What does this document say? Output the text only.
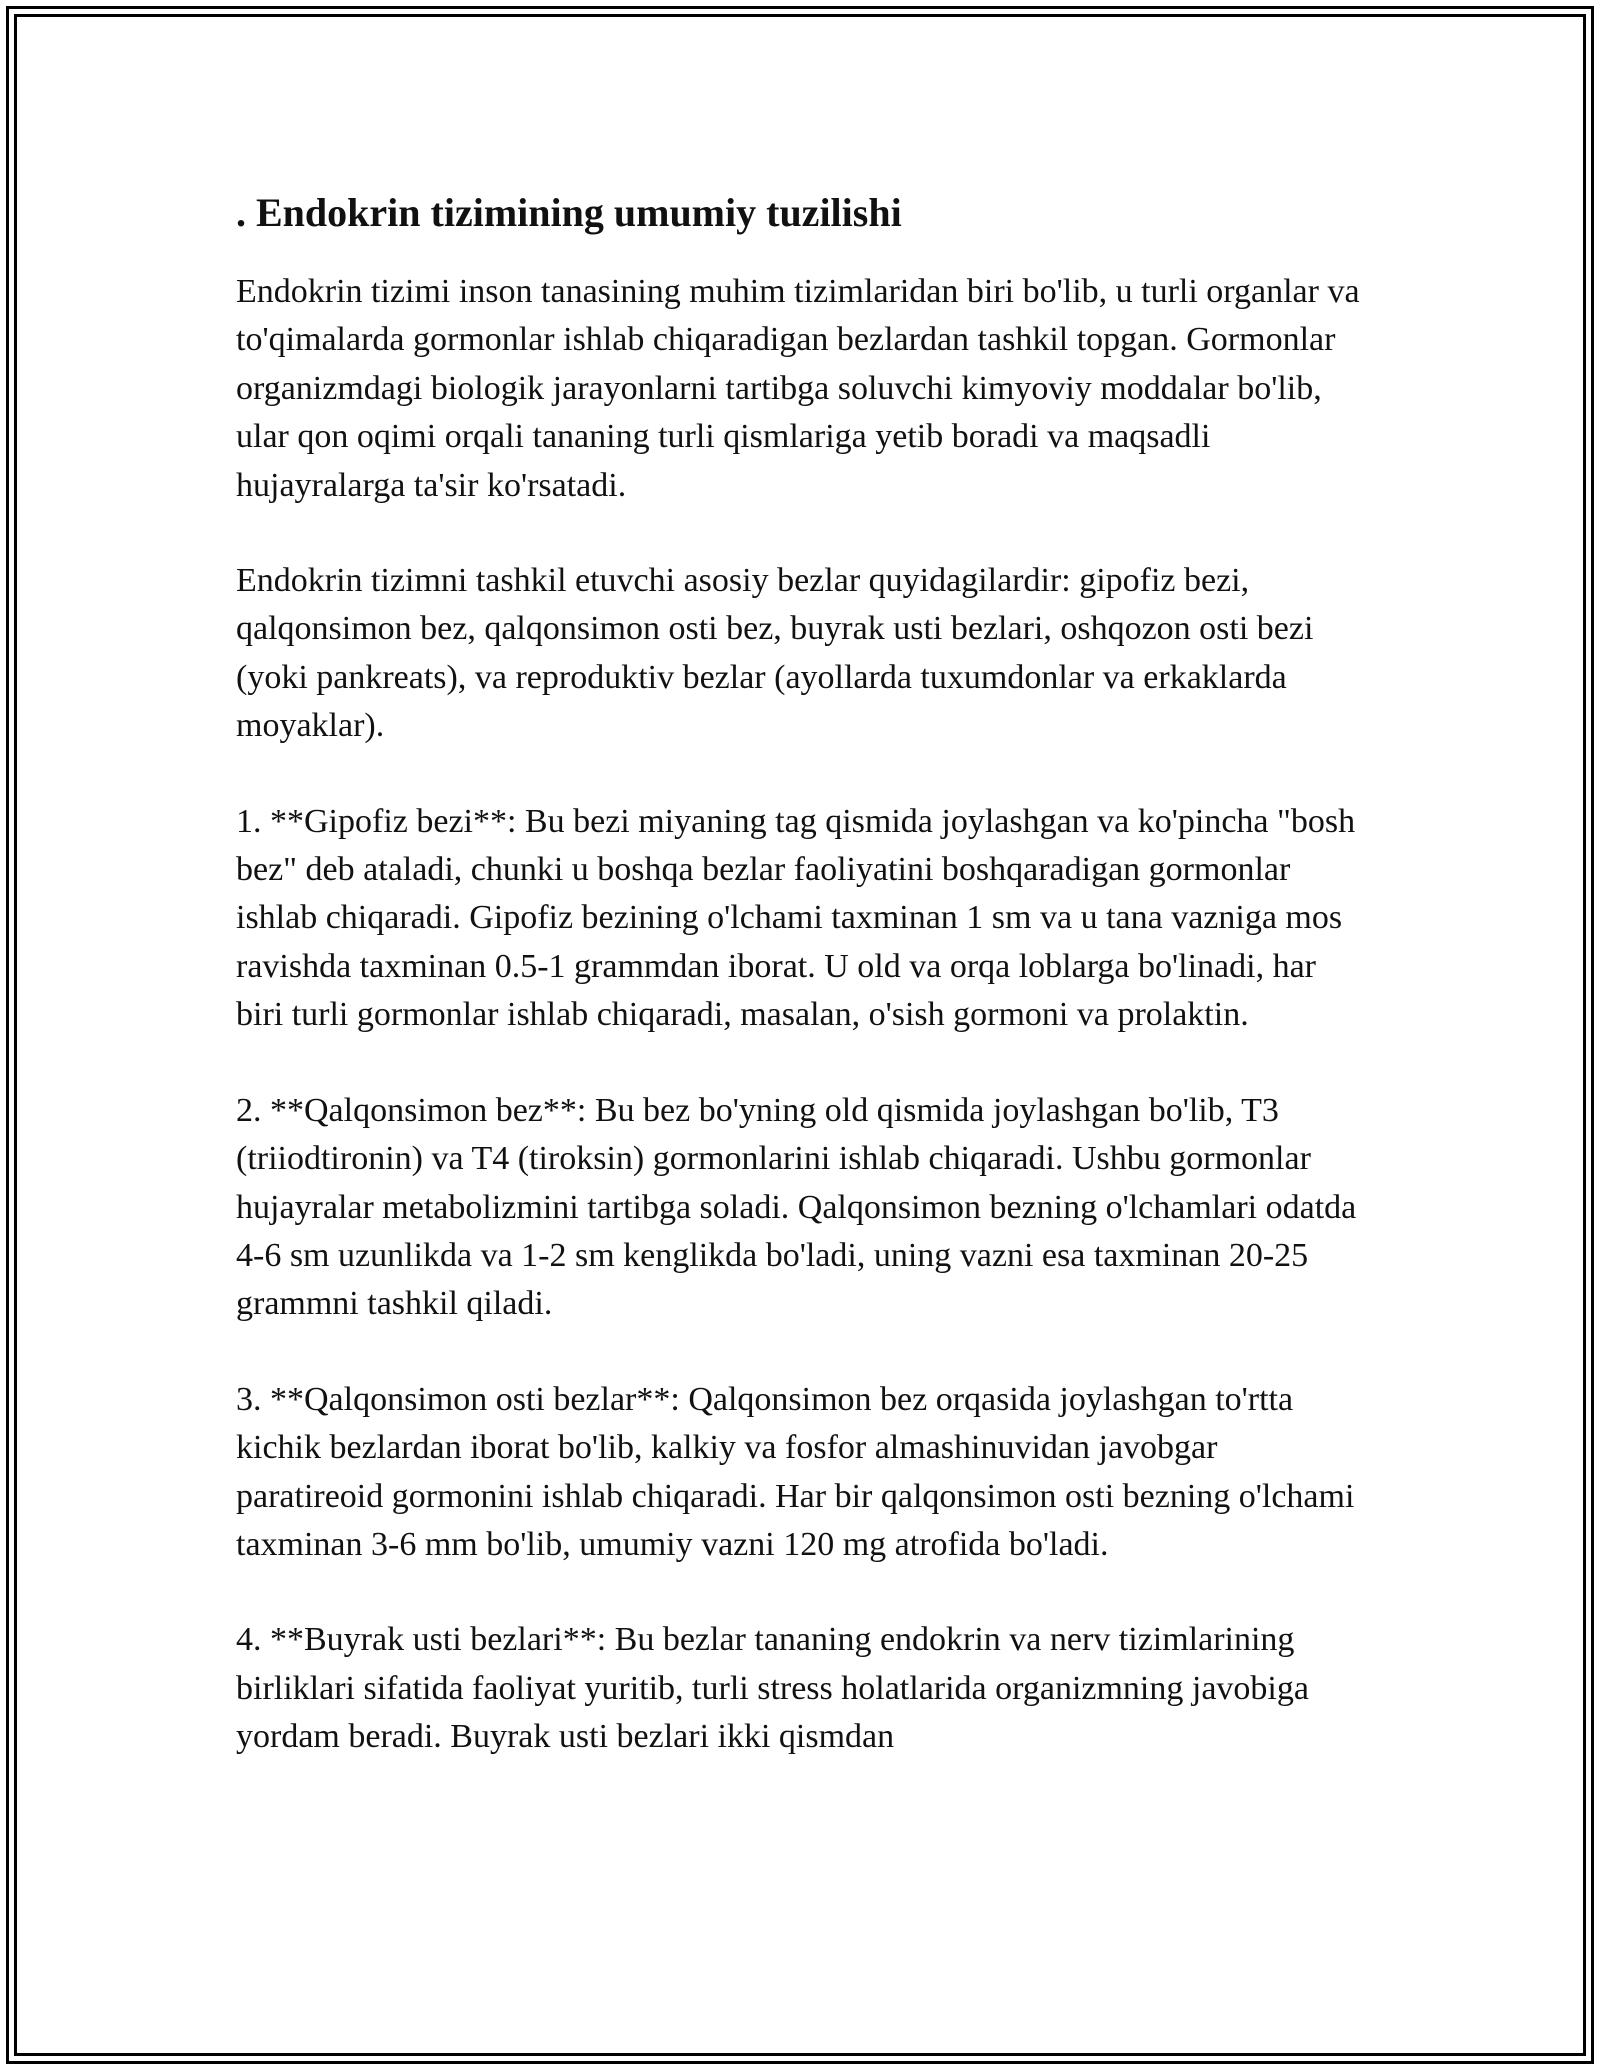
. Endokrin tizimining umumiy tuzilishi

Endokrin tizimi inson tanasining muhim tizimlaridan biri bo'lib, u turli organlar va to'qimalarda gormonlar ishlab chiqaradigan bezlardan tashkil topgan. Gormonlar organizmdagi biologik jarayonlarni tartibga soluvchi kimyoviy moddalar bo'lib, ular qon oqimi orqali tananing turli qismlariga yetib boradi va maqsadli hujayralarga ta'sir ko'rsatadi.

Endokrin tizimni tashkil etuvchi asosiy bezlar quyidagilardir: gipofiz bezi, qalqonsimon bez, qalqonsimon osti bez, buyrak usti bezlari, oshqozon osti bezi (yoki pankreats), va reproduktiv bezlar (ayollarda tuxumdonlar va erkaklarda moyaklar).

1. **Gipofiz bezi**: Bu bezi miyaning tag qismida joylashgan va ko'pincha "bosh bez" deb ataladi, chunki u boshqa bezlar faoliyatini boshqaradigan gormonlar ishlab chiqaradi. Gipofiz bezining o'lchami taxminan 1 sm va u tana vazniga mos ravishda taxminan 0.5-1 grammdan iborat. U old va orqa loblarga bo'linadi, har biri turli gormonlar ishlab chiqaradi, masalan, o'sish gormoni va prolaktin.

2. **Qalqonsimon bez**: Bu bez bo'yning old qismida joylashgan bo'lib, T3 (triiodtironin) va T4 (tiroksin) gormonlarini ishlab chiqaradi. Ushbu gormonlar hujayralar metabolizmini tartibga soladi. Qalqonsimon bezning o'lchamlari odatda 4-6 sm uzunlikda va 1-2 sm kenglikda bo'ladi, uning vazni esa taxminan 20-25 grammni tashkil qiladi.

3. **Qalqonsimon osti bezlar**: Qalqonsimon bez orqasida joylashgan to'rtta kichik bezlardan iborat bo'lib, kalkiy va fosfor almashinuvidan javobgar paratireoid gormonini ishlab chiqaradi. Har bir qalqonsimon osti bezning o'lchami taxminan 3-6 mm bo'lib, umumiy vazni 120 mg atrofida bo'ladi.

4. **Buyrak usti bezlari**: Bu bezlar tananing endokrin va nerv tizimlarining birliklari sifatida faoliyat yuritib, turli stress holatlarida organizmning javobiga yordam beradi. Buyrak usti bezlari ikki qismdan
